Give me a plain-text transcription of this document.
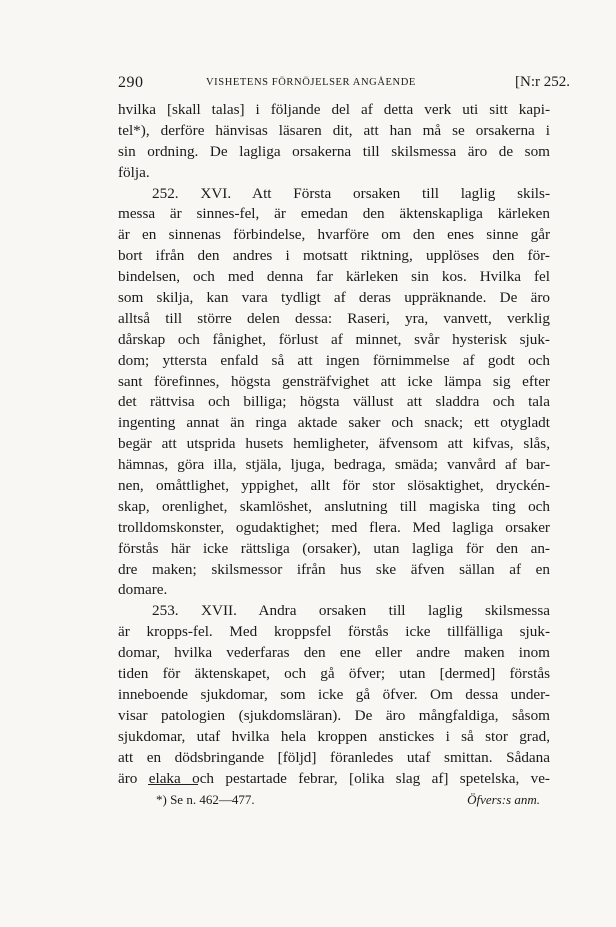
290	VISHETENS FÖRNÖJELSER ANGÅENDE	[N:r 252.
hvilka [skall talas] i följande del af detta verk uti sitt kapi-
tel*), derföre hänvisas läsaren dit, att han må se orsakerna i
sin ordning. De lagliga orsakerna till skilsmessa äro de som
följa.
252. XVI. Att Första orsaken till laglig skils-
messa är sinnes-fel, är emedan den äktenskapliga kärleken
är en sinnenas förbindelse, hvarföre om den enes sinne går
bort ifrån den andres i motsatt riktning, upplöses den för-
bindelsen, och med denna far kärleken sin kos. Hvilka fel
som skilja, kan vara tydligt af deras uppräknande. De äro
alltså till större delen dessa: Raseri, yra, vanvett, verklig
dårskap och fånighet, förlust af minnet, svår hysterisk sjuk-
dom; yttersta enfald så att ingen förnimmelse af godt och
sant förefinnes, högsta gensträfvighet att icke lämpa sig efter
det rättvisa och billiga; högsta vällust att sladdra och tala
ingenting annat än ringa aktade saker och snack; ett otygladt
begär att utsprida husets hemligheter, äfvensom att kifvas, slås,
hämnas, göra illa, stjäla, ljuga, bedraga, smäda; vanvård af bar-
nen, omåttlighet, yppighet, allt för stor slösaktighet, dryckén-
skap, orenlighet, skamlöshet, anslutning till magiska ting och
trolldomskonster, ogudaktighet; med flera. Med lagliga orsaker
förstås här icke rättsliga (orsaker), utan lagliga för den an-
dre maken; skilsmessor ifrån hus ske äfven sällan af en
domare.
253. XVII. Andra orsaken till laglig skilsmessa
är kropps-fel. Med kroppsfel förstås icke tillfälliga sjuk-
domar, hvilka vederfaras den ene eller andre maken inom
tiden för äktenskapet, och gå öfver; utan [dermed] förstås
inneboende sjukdomar, som icke gå öfver. Om dessa under-
visar patologien (sjukdomsläran). De äro mångfaldiga, såsom
sjukdomar, utaf hvilka hela kroppen anstickes i så stor grad,
att en dödsbringande [följd] föranledes utaf smittan. Sådana
äro elaka och pestartade febrar, [olika slag af] spetelska, ve-
*) Se n. 462—477.	Öfvers:s anm.
